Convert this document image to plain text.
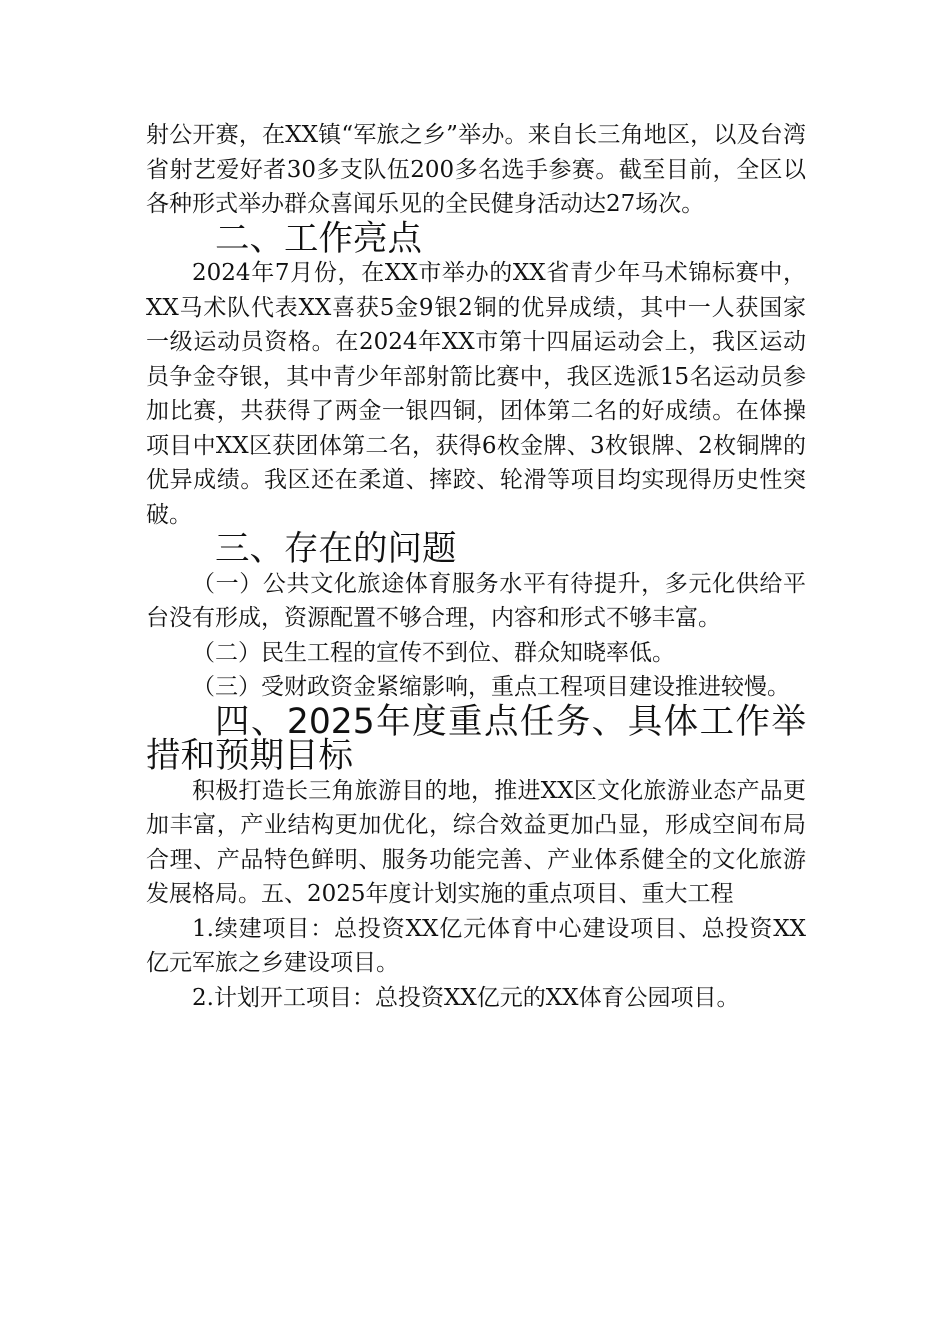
射公开赛，在XX镇“军旅之乡”举办。来自长三角地区，以及台湾省射艺爱好者30多支队伍200多名选手参赛。截至目前，全区以各种形式举办群众喜闻乐见的全民健身活动达27场次。

二、工作亮点

2024年7月份，在XX市举办的XX省青少年马术锦标赛中，XX马术队代表XX喜获5金9银2铜的优异成绩，其中一人获国家一级运动员资格。在2024年XX市第十四届运动会上，我区运动员争金夺银，其中青少年部射箭比赛中，我区选派15名运动员参加比赛，共获得了两金一银四铜，团体第二名的好成绩。在体操项目中XX区获团体第二名，获得6枚金牌、3枚银牌、2枚铜牌的优异成绩。我区还在柔道、摔跤、轮滑等项目均实现得历史性突破。

三、存在的问题

（一）公共文化旅途体育服务水平有待提升，多元化供给平台没有形成，资源配置不够合理，内容和形式不够丰富。

（二）民生工程的宣传不到位、群众知晓率低。

（三）受财政资金紧缩影响，重点工程项目建设推进较慢。

四、2025年度重点任务、具体工作举措和预期目标

积极打造长三角旅游目的地，推进XX区文化旅游业态产品更加丰富，产业结构更加优化，综合效益更加凸显，形成空间布局合理、产品特色鲜明、服务功能完善、产业体系健全的文化旅游发展格局。五、2025年度计划实施的重点项目、重大工程

1.续建项目：总投资XX亿元体育中心建设项目、总投资XX亿元军旅之乡建设项目。

2.计划开工项目：总投资XX亿元的XX体育公园项目。
